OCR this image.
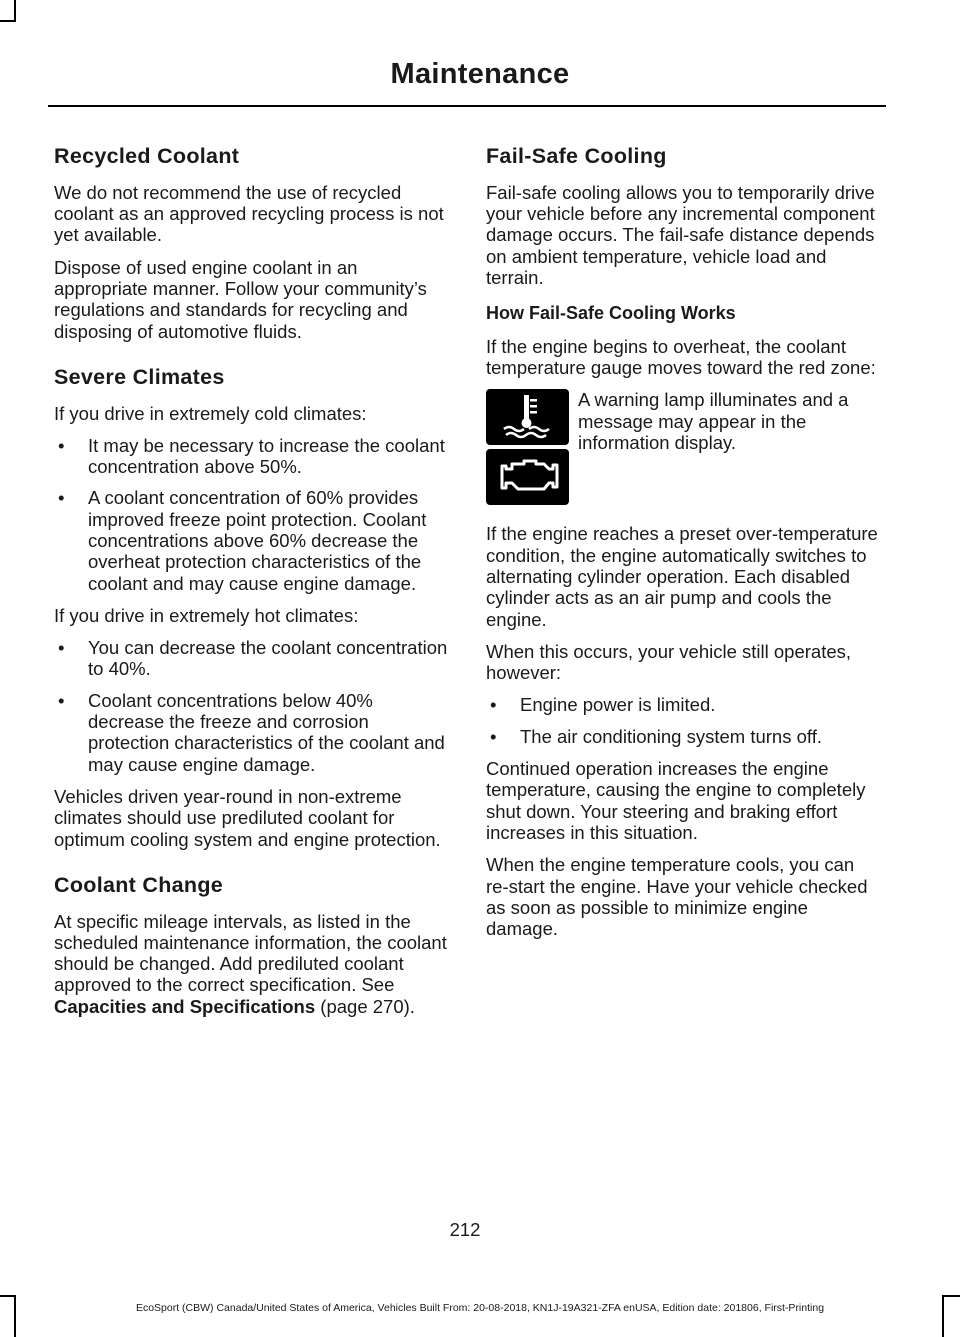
Maintenance
Recycled Coolant

We do not recommend the use of recycled coolant as an approved recycling process is not yet available.

Dispose of used engine coolant in an appropriate manner. Follow your community’s regulations and standards for recycling and disposing of automotive fluids.

Severe Climates

If you drive in extremely cold climates:

• It may be necessary to increase the coolant concentration above 50%.
• A coolant concentration of 60% provides improved freeze point protection. Coolant concentrations above 60% decrease the overheat protection characteristics of the coolant and may cause engine damage.

If you drive in extremely hot climates:

• You can decrease the coolant concentration to 40%.
• Coolant concentrations below 40% decrease the freeze and corrosion protection characteristics of the coolant and may cause engine damage.

Vehicles driven year-round in non-extreme climates should use prediluted coolant for optimum cooling system and engine protection.

Coolant Change

At specific mileage intervals, as listed in the scheduled maintenance information, the coolant should be changed. Add prediluted coolant approved to the correct specification. See Capacities and Specifications (page 270).

Fail-Safe Cooling

Fail-safe cooling allows you to temporarily drive your vehicle before any incremental component damage occurs. The fail-safe distance depends on ambient temperature, vehicle load and terrain.

How Fail-Safe Cooling Works

If the engine begins to overheat, the coolant temperature gauge moves toward the red zone:

A warning lamp illuminates and a message may appear in the information display.

If the engine reaches a preset over-temperature condition, the engine automatically switches to alternating cylinder operation. Each disabled cylinder acts as an air pump and cools the engine.

When this occurs, your vehicle still operates, however:

• Engine power is limited.
• The air conditioning system turns off.

Continued operation increases the engine temperature, causing the engine to completely shut down. Your steering and braking effort increases in this situation.

When the engine temperature cools, you can re-start the engine. Have your vehicle checked as soon as possible to minimize engine damage.

212
EcoSport (CBW) Canada/United States of America, Vehicles Built From: 20-08-2018, KN1J-19A321-ZFA enUSA, Edition date: 201806, First-Printing
